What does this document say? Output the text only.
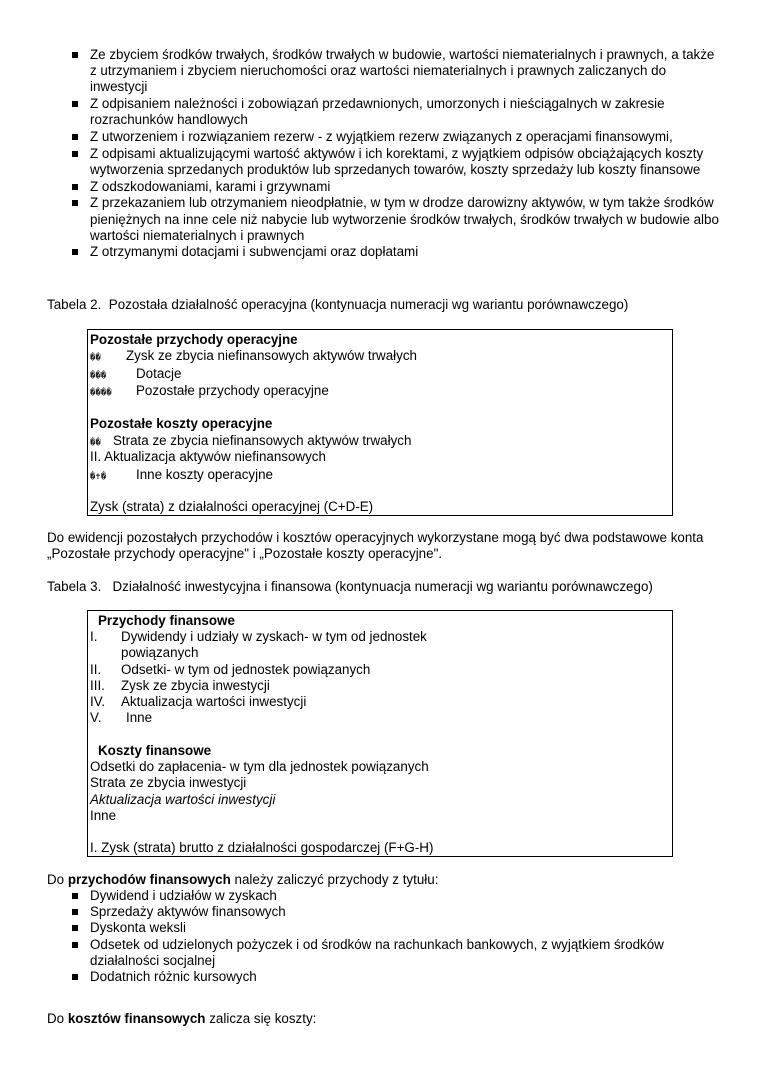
Ze zbyciem środków trwałych, środków trwałych w budowie, wartości niematerialnych i prawnych, a także z utrzymaniem i zbyciem nieruchomości oraz wartości niematerialnych i prawnych zaliczanych do inwestycji
Z odpisaniem należności i zobowiązań przedawnionych, umorzonych i nieściągalnych w zakresie rozrachunków handlowych
Z utworzeniem i rozwiązaniem rezerw - z wyjątkiem rezerw związanych z operacjami finansowymi,
Z odpisami aktualizującymi wartość aktywów i ich korektami, z wyjątkiem odpisów obciążających koszty wytworzenia sprzedanych produktów lub sprzedanych towarów, koszty sprzedaży lub koszty finansowe
Z odszkodowaniami, karami i grzywnami
Z przekazaniem lub otrzymaniem nieodpłatnie, w tym w drodze darowizny aktywów, w tym także środków pieniężnych na inne cele niż nabycie lub wytworzenie środków trwałych, środków trwałych w budowie albo wartości niematerialnych i prawnych
Z otrzymanymi dotacjami i subwencjami oraz dopłatami
Tabela 2.  Pozostała działalność operacyjna (kontynuacja numeracji wg wariantu porównawczego)
Pozostałe przychody operacyjne
�� Zysk ze zbycia niefinansowych aktywów trwałych
��� Dotacje
���� Pozostałe przychody operacyjne
Pozostałe koszty operacyjne
�� Strata ze zbycia niefinansowych aktywów trwałych
II. Aktualizacja aktywów niefinansowych
�✝� Inne koszty operacyjne
Zysk (strata) z działalności operacyjnej (C+D-E)
Do ewidencji pozostałych przychodów i kosztów operacyjnych wykorzystane mogą być dwa podstawowe konta „Pozostałe przychody operacyjne" i „Pozostałe koszty operacyjne".
Tabela 3.   Działalność inwestycyjna i finansowa (kontynuacja numeracji wg wariantu porównawczego)
Przychody finansowe
I. Dywidendy i udziały w zyskach- w tym od jednostek
powiązanych
II. Odsetki- w tym od jednostek powiązanych
III. Zysk ze zbycia inwestycji
IV. Aktualizacja wartości inwestycji
V. Inne
Koszty finansowe
Odsetki do zapłacenia- w tym dla jednostek powiązanych
Strata ze zbycia inwestycji
Aktualizacja wartości inwestycji
Inne
I. Zysk (strata) brutto z działalności gospodarczej (F+G-H)
Do przychodów finansowych należy zaliczyć przychody z tytułu:
Dywidend i udziałów w zyskach
Sprzedaży aktywów finansowych
Dyskonta weksli
Odsetek od udzielonych pożyczek i od środków na rachunkach bankowych, z wyjątkiem środków działalności socjalnej
Dodatnich różnic kursowych
Do kosztów finansowych zalicza się koszty:
